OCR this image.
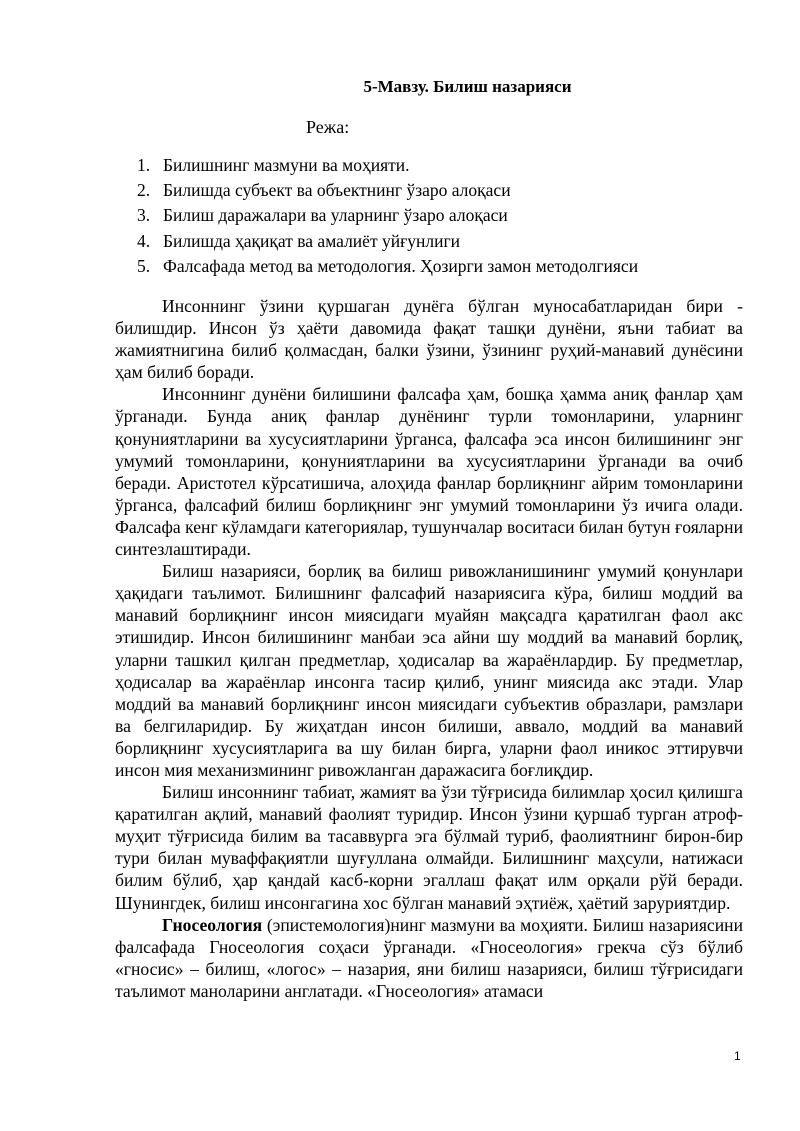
5-Мавзу. Билиш назарияси
Режа:
1. Билишнинг мазмуни ва моҳияти.
2. Билишда субъект ва объектнинг ўзаро алоқаси
3. Билиш даражалари ва уларнинг ўзаро алоқаси
4. Билишда ҳақиқат ва амалиёт уйғунлиги
5. Фалсафада метод ва методология. Ҳозирги замон методолгияси

Инсоннинг ўзини қуршаган дунёга бўлган муносабатларидан бири - билишдир. Инсон ўз ҳаёти давомида фақат ташқи дунёни, яъни табиат ва жамиятнигина билиб қолмасдан, балки ўзини, ўзининг руҳий-манавий дунёсини ҳам билиб боради.

Инсоннинг дунёни билишини фалсафа ҳам, бошқа ҳамма аниқ фанлар ҳам ўрганади. Бунда аниқ фанлар дунёнинг турли томонларини, уларнинг қонуниятларини ва хусусиятларини ўрганса, фалсафа эса инсон билишининг энг умумий томонларини, қонуниятларини ва хусусиятларини ўрганади ва очиб беради. Аристотел кўрсатишича, алоҳида фанлар борлиқнинг айрим томонларини ўрганса, фалсафий билиш борлиқнинг энг умумий томонларини ўз ичига олади. Фалсафа кенг кўламдаги категориялар, тушунчалар воситаси билан бутун ғояларни синтезлаштиради.

Билиш назарияси, борлиқ ва билиш ривожланишининг умумий қонунлари ҳақидаги таълимот. Билишнинг фалсафий назариясига кўра, билиш моддий ва манавий борлиқнинг инсон миясидаги муайян мақсадга қаратилган фаол акс этишидир. Инсон билишининг манбаи эса айни шу моддий ва манавий борлиқ, уларни ташкил қилган предметлар, ҳодисалар ва жараёнлардир. Бу предметлар, ҳодисалар ва жараёнлар инсонга тасир қилиб, унинг миясида акс этади. Улар моддий ва манавий борлиқнинг инсон миясидаги субъектив образлари, рамзлари ва белгиларидир. Бу жиҳатдан инсон билиши, аввало, моддий ва манавий борлиқнинг хусусиятларига ва шу билан бирга, уларни фаол иникос эттирувчи инсон мия механизмининг ривожланган даражасига боғлиқдир.

Билиш инсоннинг табиат, жамият ва ўзи тўғрисида билимлар ҳосил қилишга қаратилган ақлий, манавий фаолият туридир. Инсон ўзини қуршаб турган атроф-муҳит тўғрисида билим ва тасаввурга эга бўлмай туриб, фаолиятнинг бирон-бир тури билан муваффақиятли шуғуллана олмайди. Билишнинг маҳсули, натижаси билим бўлиб, ҳар қандай касб-корни эгаллаш фақат илм орқали рўй беради. Шунингдек, билиш инсонгагина хос бўлган манавий эҳтиёж, ҳаётий заруриятдир.

Гносеология (эпистемология)нинг мазмуни ва моҳияти. Билиш назариясини фалсафада Гносеология соҳаси ўрганади. «Гносеология» грекча сўз бўлиб «гносис» – билиш, «логос» – назария, яни билиш назарияси, билиш тўғрисидаги таълимот маноларини англатади. «Гносеология» атамаси

1
